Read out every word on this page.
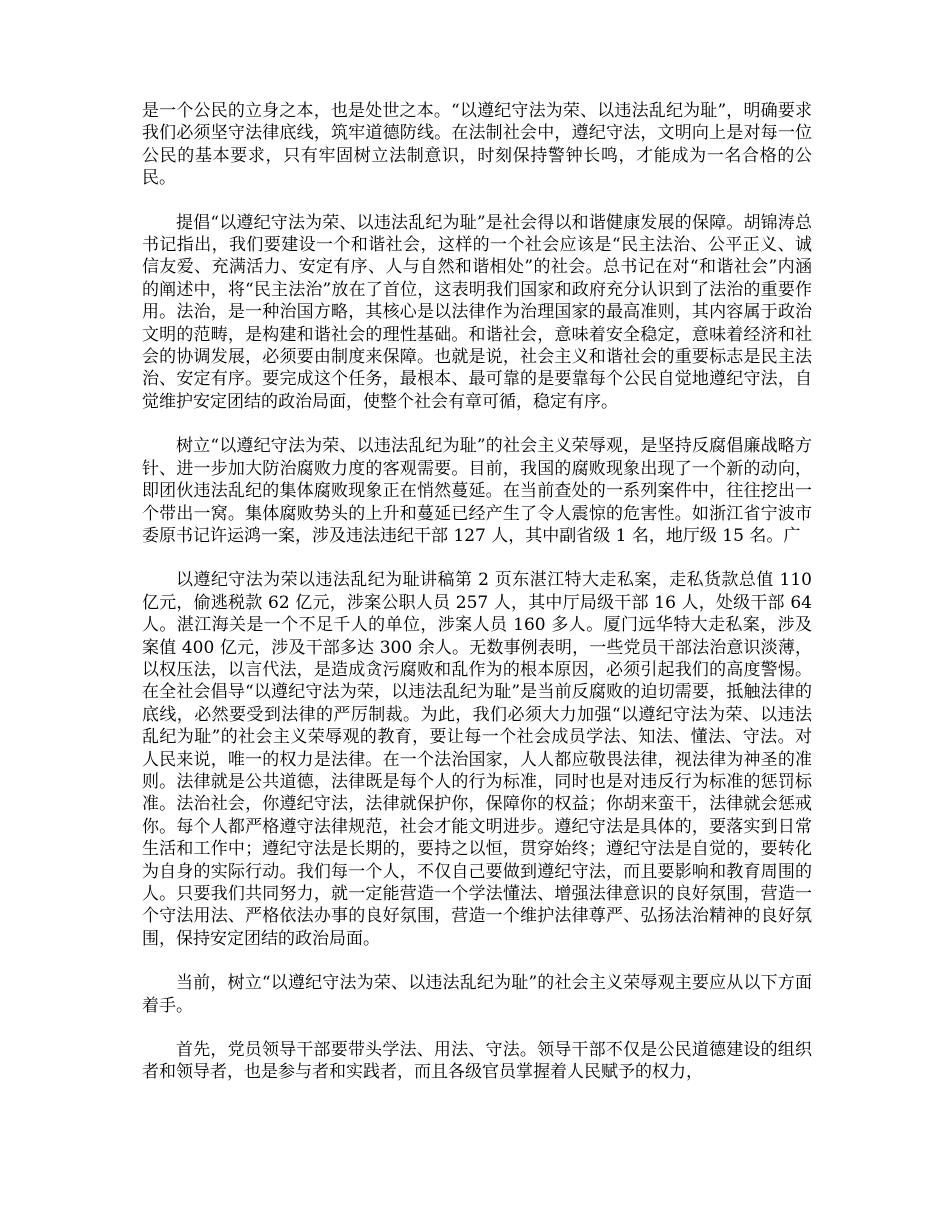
是一个公民的立身之本，也是处世之本。“以遵纪守法为荣、以违法乱纪为耻”，明确要求我们必须坚守法律底线，筑牢道德防线。在法制社会中，遵纪守法，文明向上是对每一位公民的基本要求，只有牢固树立法制意识，时刻保持警钟长鸣，才能成为一名合格的公民。

提倡“以遵纪守法为荣、以违法乱纪为耻”是社会得以和谐健康发展的保障。胡锦涛总书记指出，我们要建设一个和谐社会，这样的一个社会应该是“民主法治、公平正义、诚信友爱、充满活力、安定有序、人与自然和谐相处”的社会。总书记在对“和谐社会”内涵的阐述中，将“民主法治”放在了首位，这表明我们国家和政府充分认识到了法治的重要作用。法治，是一种治国方略，其核心是以法律作为治理国家的最高准则，其内容属于政治文明的范畴，是构建和谐社会的理性基础。和谐社会，意味着安全稳定，意味着经济和社会的协调发展，必须要由制度来保障。也就是说，社会主义和谐社会的重要标志是民主法治、安定有序。要完成这个任务，最根本、最可靠的是要靠每个公民自觉地遵纪守法，自觉维护安定团结的政治局面，使整个社会有章可循，稳定有序。

树立“以遵纪守法为荣、以违法乱纪为耻”的社会主义荣辱观，是坚持反腐倡廉战略方针、进一步加大防治腐败力度的客观需要。目前，我国的腐败现象出现了一个新的动向，即团伙违法乱纪的集体腐败现象正在悄然蔓延。在当前查处的一系列案件中，往往挖出一个带出一窝。集体腐败势头的上升和蔓延已经产生了令人震惊的危害性。如浙江省宁波市委原书记许运鸿一案，涉及违法违纪干部 127 人，其中副省级 1 名，地厅级 15 名。广

以遵纪守法为荣以违法乱纪为耻讲稿第 2 页东湛江特大走私案，走私货款总值 110 亿元，偷逃税款 62 亿元，涉案公职人员 257 人，其中厅局级干部 16 人，处级干部 64 人。湛江海关是一个不足千人的单位，涉案人员 160 多人。厦门远华特大走私案，涉及案值 400 亿元，涉及干部多达 300 余人。无数事例表明，一些党员干部法治意识淡薄，以权压法，以言代法，是造成贪污腐败和乱作为的根本原因，必须引起我们的高度警惕。在全社会倡导“以遵纪守法为荣，以违法乱纪为耻”是当前反腐败的迫切需要，抵触法律的底线，必然要受到法律的严厉制裁。为此，我们必须大力加强“以遵纪守法为荣、以违法乱纪为耻”的社会主义荣辱观的教育，要让每一个社会成员学法、知法、懂法、守法。对人民来说，唯一的权力是法律。在一个法治国家，人人都应敬畏法律，视法律为神圣的准则。法律就是公共道德，法律既是每个人的行为标准，同时也是对违反行为标准的惩罚标准。法治社会，你遵纪守法，法律就保护你，保障你的权益；你胡来蛮干，法律就会惩戒你。每个人都严格遵守法律规范，社会才能文明进步。遵纪守法是具体的，要落实到日常生活和工作中；遵纪守法是长期的，要持之以恒，贯穿始终；遵纪守法是自觉的，要转化为自身的实际行动。我们每一个人，不仅自己要做到遵纪守法，而且要影响和教育周围的人。只要我们共同努力，就一定能营造一个学法懂法、增强法律意识的良好氛围，营造一个守法用法、严格依法办事的良好氛围，营造一个维护法律尊严、弘扬法治精神的良好氛围，保持安定团结的政治局面。

当前，树立“以遵纪守法为荣、以违法乱纪为耻”的社会主义荣辱观主要应从以下方面着手。

首先，党员领导干部要带头学法、用法、守法。领导干部不仅是公民道德建设的组织者和领导者，也是参与者和实践者，而且各级官员掌握着人民赋予的权力，
